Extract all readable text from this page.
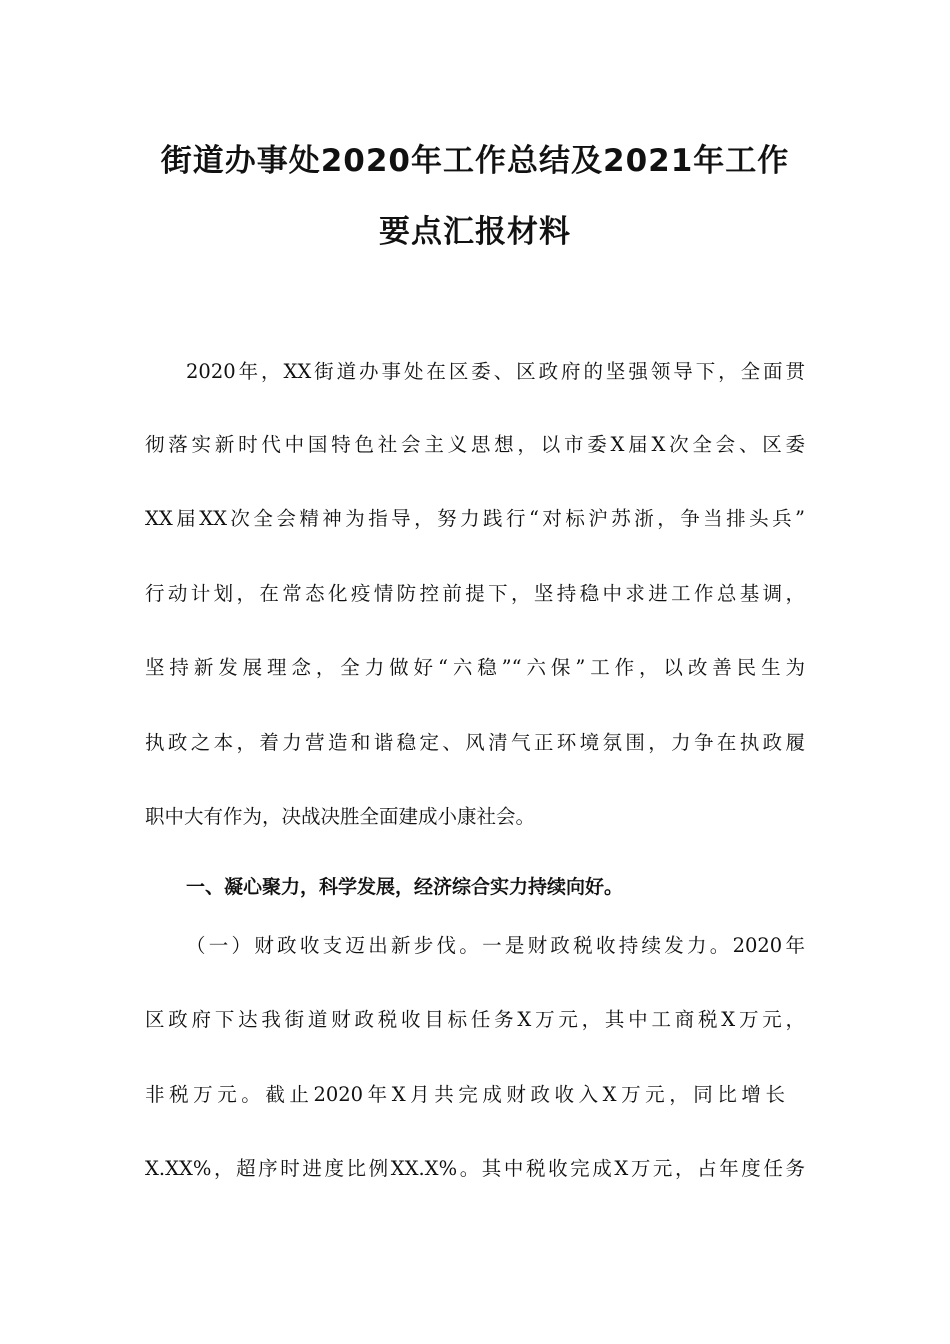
街道办事处2020年工作总结及2021年工作
要点汇报材料

2020年，XX街道办事处在区委、区政府的坚强领导下，全面贯

彻落实新时代中国特色社会主义思想，以市委X届X次全会、区委

XX届XX次全会精神为指导，努力践行“对标沪苏浙，争当排头兵”

行动计划，在常态化疫情防控前提下，坚持稳中求进工作总基调，

坚持新发展理念，全力做好“六稳”“六保”工作，以改善民生为

执政之本，着力营造和谐稳定、风清气正环境氛围，力争在执政履

职中大有作为，决战决胜全面建成小康社会。

一、凝心聚力，科学发展，经济综合实力持续向好。

（一）财政收支迈出新步伐。一是财政税收持续发力。2020年

区政府下达我街道财政税收目标任务X万元，其中工商税X万元，

非税万元。截止2020年X月共完成财政收入X万元，同比增长

X.XX%，超序时进度比例XX.X%。其中税收完成X万元，占年度任务
